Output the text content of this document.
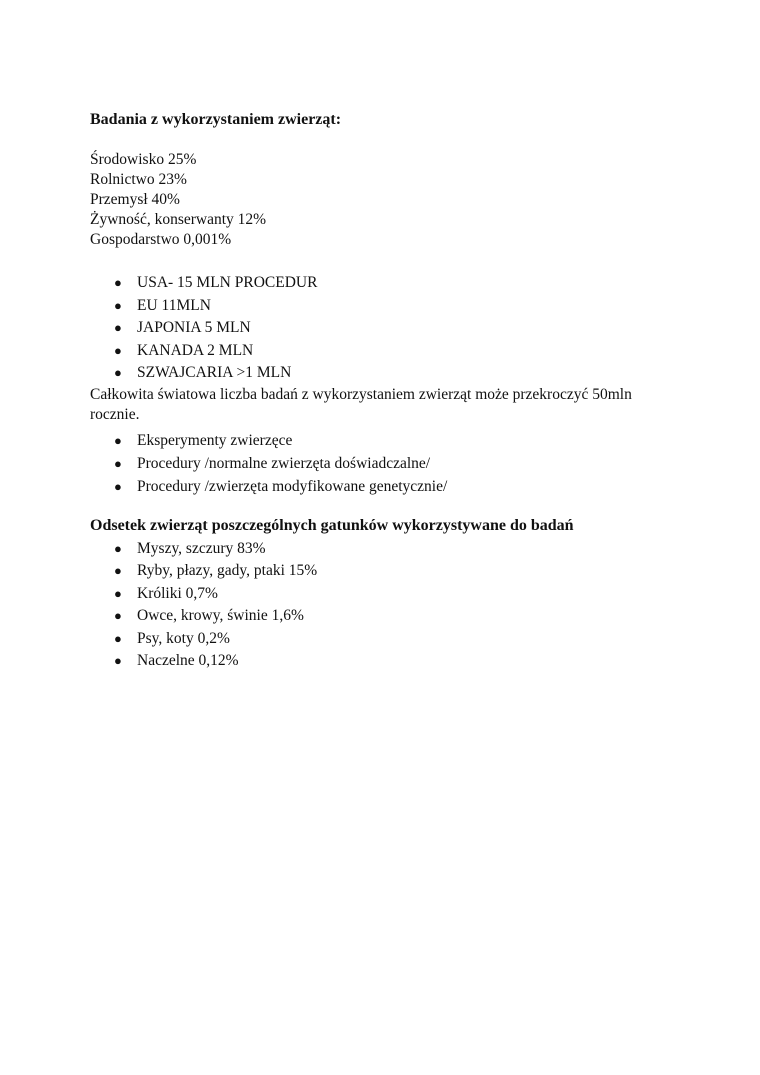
Badania z wykorzystaniem zwierząt:

Środowisko 25%

Rolnictwo 23%

Przemysł 40%

Żywność, konserwanty 12%

Gospodarstwo 0,001%

● USA- 15 MLN PROCEDUR
● EU 11MLN
● JAPONIA 5 MLN
● KANADA 2 MLN
● SZWAJCARIA >1 MLN

Całkowita światowa liczba badań z wykorzystaniem zwierząt może przekroczyć 50mln rocznie.

● Eksperymenty zwierzęce
● Procedury /normalne zwierzęta doświadczalne/
● Procedury /zwierzęta modyfikowane genetycznie/

Odsetek zwierząt poszczególnych gatunków wykorzystywane do badań

● Myszy, szczury 83%
● Ryby, płazy, gady, ptaki 15%
● Króliki 0,7%
● Owce, krowy, świnie 1,6%
● Psy, koty 0,2%
● Naczelne 0,12%
